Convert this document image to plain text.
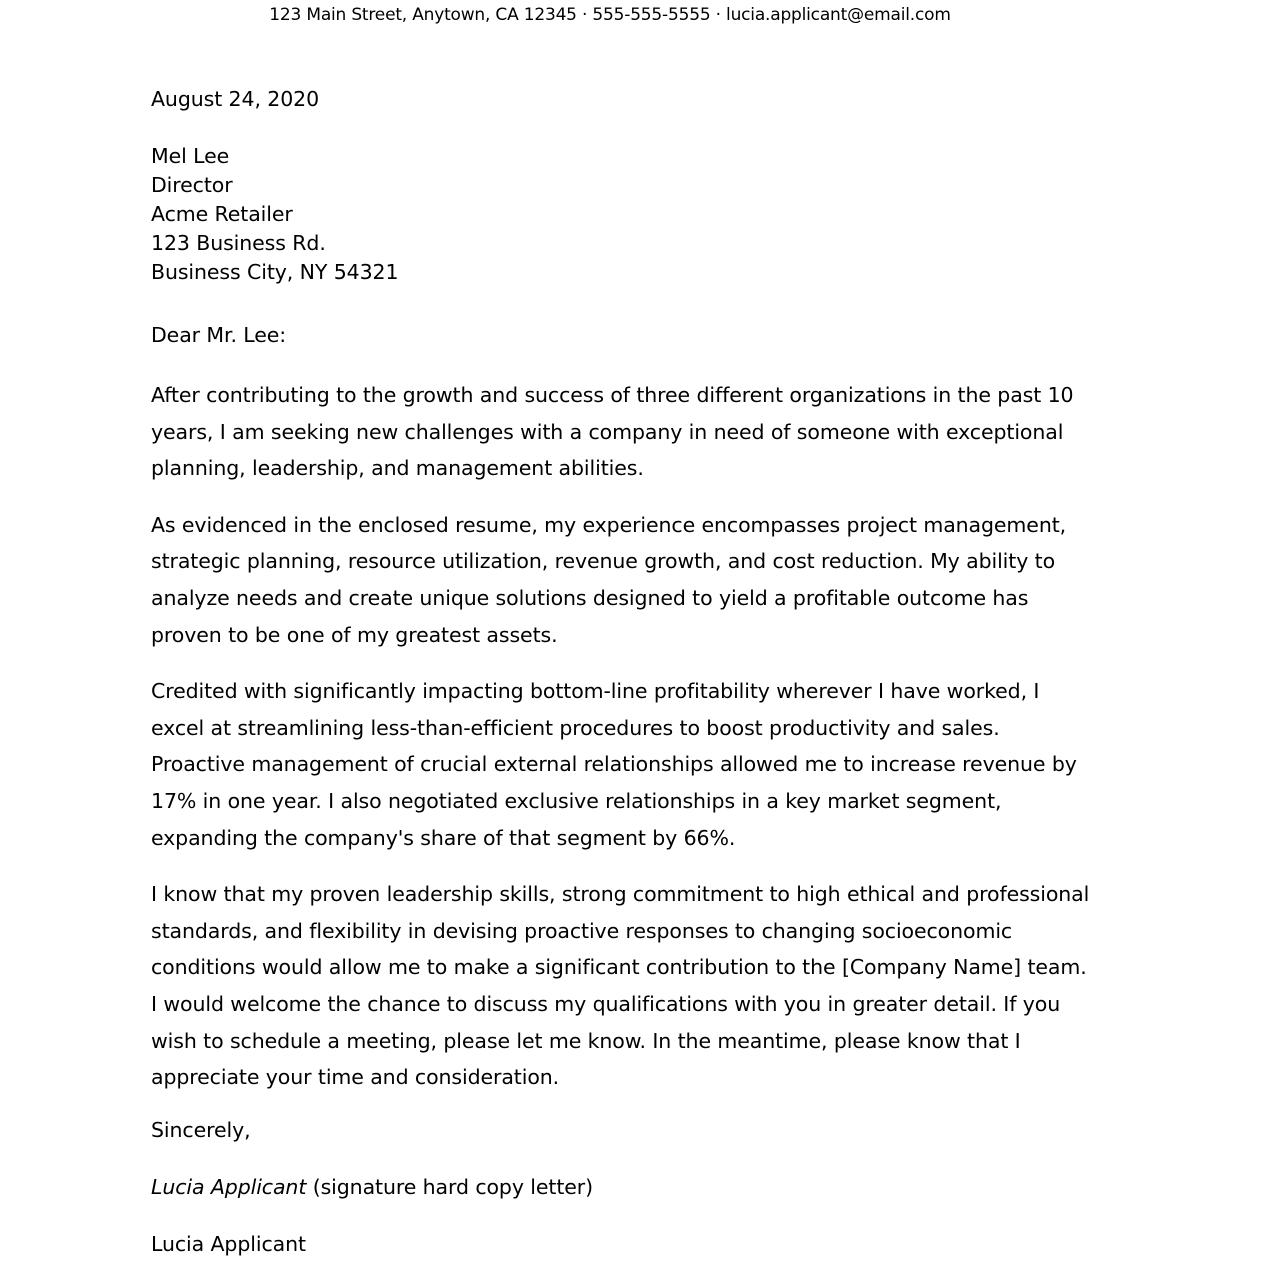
123 Main Street, Anytown, CA 12345 · 555-555-5555 · lucia.applicant@email.com
August 24, 2020
Mel Lee
Director
Acme Retailer
123 Business Rd.
Business City, NY 54321
Dear Mr. Lee:

After contributing to the growth and success of three different organizations in the past 10 years, I am seeking new challenges with a company in need of someone with exceptional planning, leadership, and management abilities.

As evidenced in the enclosed resume, my experience encompasses project management, strategic planning, resource utilization, revenue growth, and cost reduction. My ability to analyze needs and create unique solutions designed to yield a profitable outcome has proven to be one of my greatest assets.

Credited with significantly impacting bottom-line profitability wherever I have worked, I excel at streamlining less-than-efficient procedures to boost productivity and sales. Proactive management of crucial external relationships allowed me to increase revenue by 17% in one year. I also negotiated exclusive relationships in a key market segment, expanding the company's share of that segment by 66%.

I know that my proven leadership skills, strong commitment to high ethical and professional standards, and flexibility in devising proactive responses to changing socioeconomic conditions would allow me to make a significant contribution to the [Company Name] team. I would welcome the chance to discuss my qualifications with you in greater detail. If you wish to schedule a meeting, please let me know. In the meantime, please know that I appreciate your time and consideration.

Sincerely,
Lucia Applicant (signature hard copy letter)
Lucia Applicant
